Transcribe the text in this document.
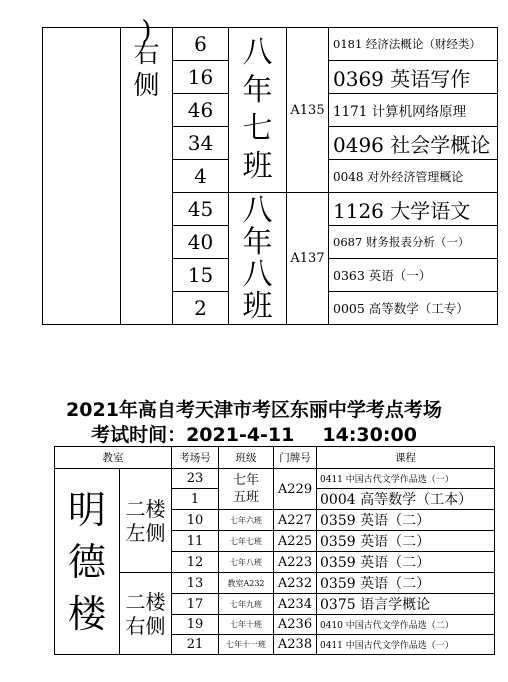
	)
右侧	6	八年七班	A135	0181 经济法概论（财经类）
		16			0369 英语写作
		46			1171 计算机网络原理
		34			0496 社会学概论
		4			0048 对外经济管理概论
		45	八年八班	A137	1126 大学语文
		40			0687 财务报表分析（一）
		15			0363 英语（一）
		2			0005 高等数学（工专）
2021年高自考天津市考区东丽中学考点考场
考试时间：2021-4-11 14:30:00
教室		考场号	班级	门牌号	课程

明德楼	二楼左侧	23	七年五班	A229	0411 中国古代文学作品选（一）
		1			0004 高等数学（工本）
		10	七年六班	A227	0359 英语（二）
		11	七年七班	A225	0359 英语（二）
		12	七年八班	A223	0359 英语（二）

	二楼右侧	13	教室A232	A232	0359 英语（二）
		17	七年九班	A234	0375 语言学概论
		19	七年十班	A236	0410 中国古代文学作品选（二）
		21	七年十一班	A238	0411 中国古代文学作品选（一）
